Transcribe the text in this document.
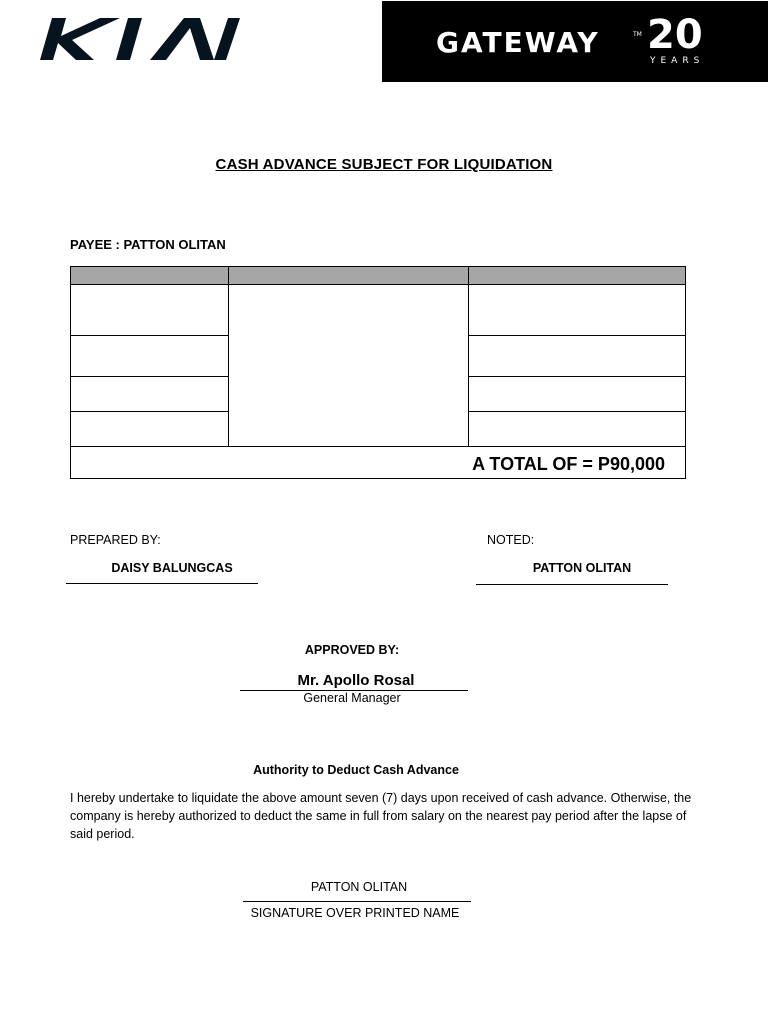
GATEWAY	TM 20
YEARS
CASH ADVANCE SUBJECT FOR LIQUIDATION
PAYEE : PATTON OLITAN
A TOTAL OF = P90,000
PREPARED BY:
DAISY BALUNGCAS
NOTED:
PATTON OLITAN
APPROVED BY:
Mr. Apollo Rosal
General Manager
Authority to Deduct Cash Advance
I hereby undertake to liquidate the above amount seven (7) days upon received of cash advance. Otherwise, the company is hereby authorized to deduct the same in full from salary on the nearest pay period after the lapse of said period.
PATTON OLITAN
SIGNATURE OVER PRINTED NAME
